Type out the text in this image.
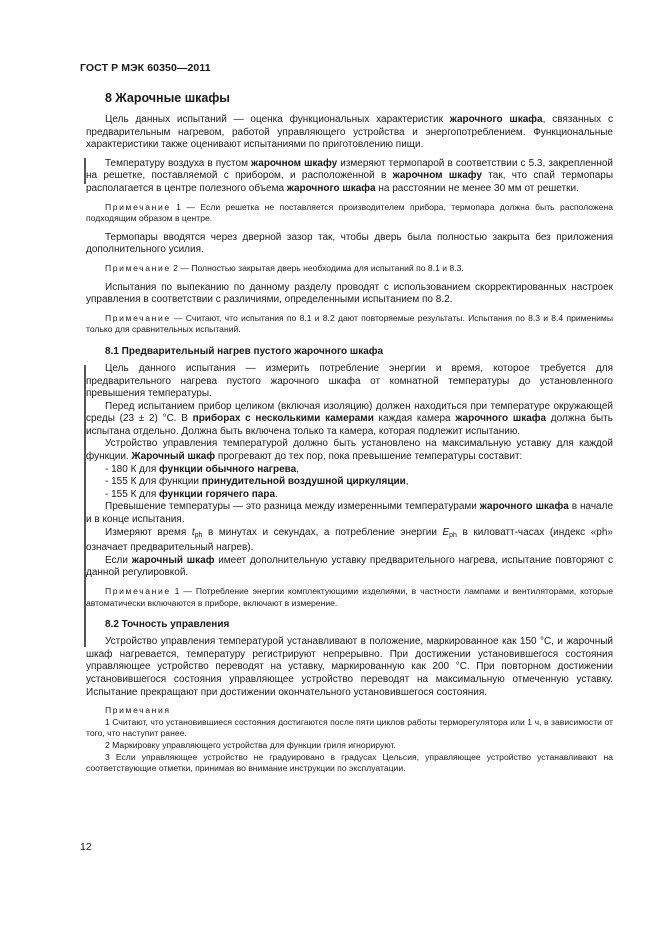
ГОСТ Р МЭК 60350—2011
8 Жарочные шкафы

Цель данных испытаний — оценка функциональных характеристик жарочного шкафа, связанных с предварительным нагревом, работой управляющего устройства и энергопотреблением. Функциональные характеристики также оценивают испытаниями по приготовлению пищи.

Температуру воздуха в пустом жарочном шкафу измеряют термопарой в соответствии с 5.3, закрепленной на решетке, поставляемой с прибором, и расположенной в жарочном шкафу так, что спай термопары располагается в центре полезного объема жарочного шкафа на расстоянии не менее 30 мм от решетки.

Примечание 1 — Если решетка не поставляется производителем прибора, термопара должна быть расположена подходящим образом в центре.

Термопары вводятся через дверной зазор так, чтобы дверь была полностью закрыта без приложения дополнительного усилия.

Примечание 2 — Полностью закрытая дверь необходима для испытаний по 8.1 и 8.3.

Испытания по выпеканию по данному разделу проводят с использованием скорректированных настроек управления в соответствии с различиями, определенными испытанием по 8.2.

Примечание — Считают, что испытания по 8.1 и 8.2 дают повторяемые результаты. Испытания по 8.3 и 8.4 применимы только для сравнительных испытаний.
8.1 Предварительный нагрев пустого жарочного шкафа

Цель данного испытания — измерить потребление энергии и время, которое требуется для предварительного нагрева пустого жарочного шкафа от комнатной температуры до установленного превышения температуры.

Перед испытанием прибор целиком (включая изоляцию) должен находиться при температуре окружающей среды (23 ± 2) °С. В приборах с несколькими камерами каждая камера жарочного шкафа должна быть испытана отдельно. Должна быть включена только та камера, которая подлежит испытанию.

Устройство управления температурой должно быть установлено на максимальную уставку для каждой функции. Жарочный шкаф прогревают до тех пор, пока превышение температуры составит:

- 180 К для функции обычного нагрева,
- 155 К для функции принудительной воздушной циркуляции,
- 155 К для функции горячего пара.

Превышение температуры — это разница между измеренными температурами жарочного шкафа в начале и в конце испытания.

Измеряют время $t_{ph}$ в минутах и секундах, а потребление энергии $E_{ph}$ в киловатт-часах (индекс «ph» означает предварительный нагрев).

Если жарочный шкаф имеет дополнительную уставку предварительного нагрева, испытание повторяют с данной регулировкой.

Примечание 1 — Потребление энергии комплектующими изделиями, в частности лампами и вентиляторами, которые автоматически включаются в приборе, включают в измерение.
8.2 Точность управления

Устройство управления температурой устанавливают в положение, маркированное как 150 °С, и жарочный шкаф нагревается, температуру регистрируют непрерывно. При достижении установившегося состояния управляющее устройство переводят на уставку, маркированную как 200 °С. При повторном достижении установившегося состояния управляющее устройство переводят на максимальную отмеченную уставку. Испытание прекращают при достижении окончательного установившегося состояния.

Примечания
1 Считают, что установившиеся состояния достигаются после пяти циклов работы терморегулятора или 1 ч, в зависимости от того, что наступит ранее.
2 Маркировку управляющего устройства для функции гриля игнорируют.
3 Если управляющее устройство не градуировано в градусах Цельсия, управляющее устройство устанавливают на соответствующие отметки, принимая во внимание инструкции по эксплуатации.
12
